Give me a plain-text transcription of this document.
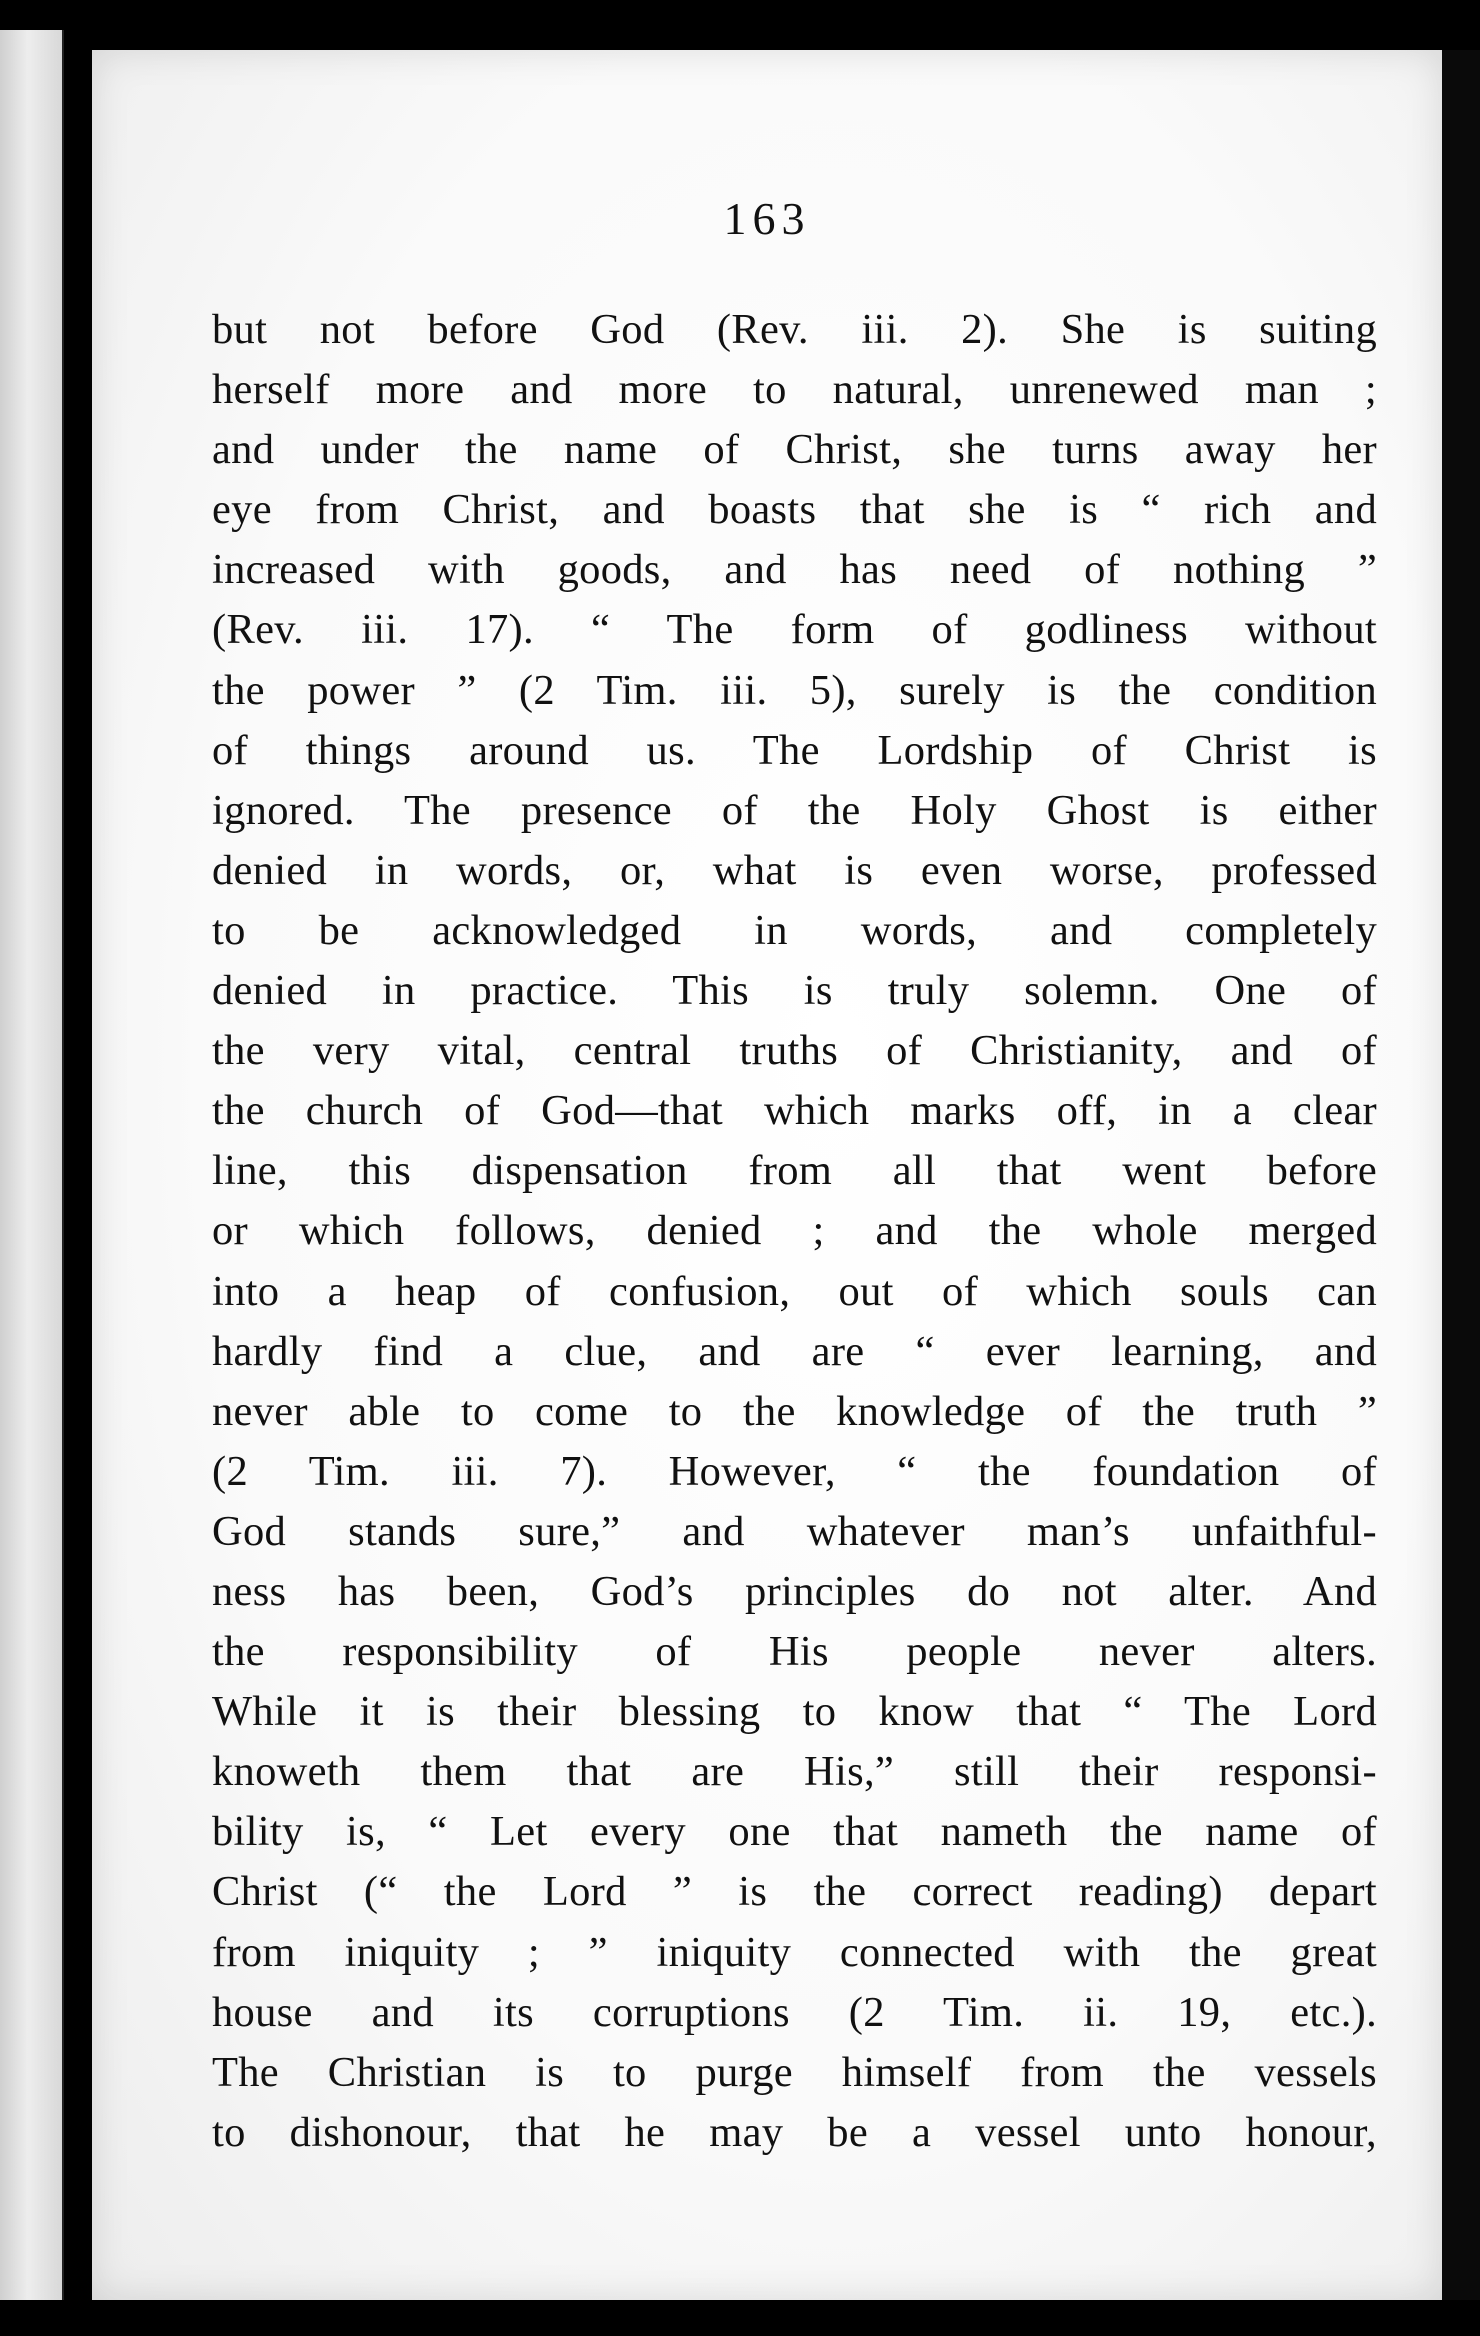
163
but not before God (Rev. iii. 2). She is suiting
herself more and more to natural, unrenewed man ;
and under the name of Christ, she turns away her
eye from Christ, and boasts that she is “ rich and
increased with goods, and has need of nothing ”
(Rev. iii. 17). “ The form of godliness without
the power ” (2 Tim. iii. 5), surely is the condition
of things around us. The Lordship of Christ is
ignored. The presence of the Holy Ghost is either
denied in words, or, what is even worse, professed
to be acknowledged in words, and completely
denied in practice. This is truly solemn. One of
the very vital, central truths of Christianity, and of
the church of God—that which marks off, in a clear
line, this dispensation from all that went before
or which follows, denied ; and the whole merged
into a heap of confusion, out of which souls can
hardly find a clue, and are “ ever learning, and
never able to come to the knowledge of the truth ”
(2 Tim. iii. 7). However, “ the foundation of
God stands sure,” and whatever man’s unfaithful-
ness has been, God’s principles do not alter. And
the responsibility of His people never alters.
While it is their blessing to know that “ The Lord
knoweth them that are His,” still their responsi-
bility is, “ Let every one that nameth the name of
Christ (“ the Lord ” is the correct reading) depart
from iniquity ; ” iniquity connected with the great
house and its corruptions (2 Tim. ii. 19, etc.).
The Christian is to purge himself from the vessels
to dishonour, that he may be a vessel unto honour,
